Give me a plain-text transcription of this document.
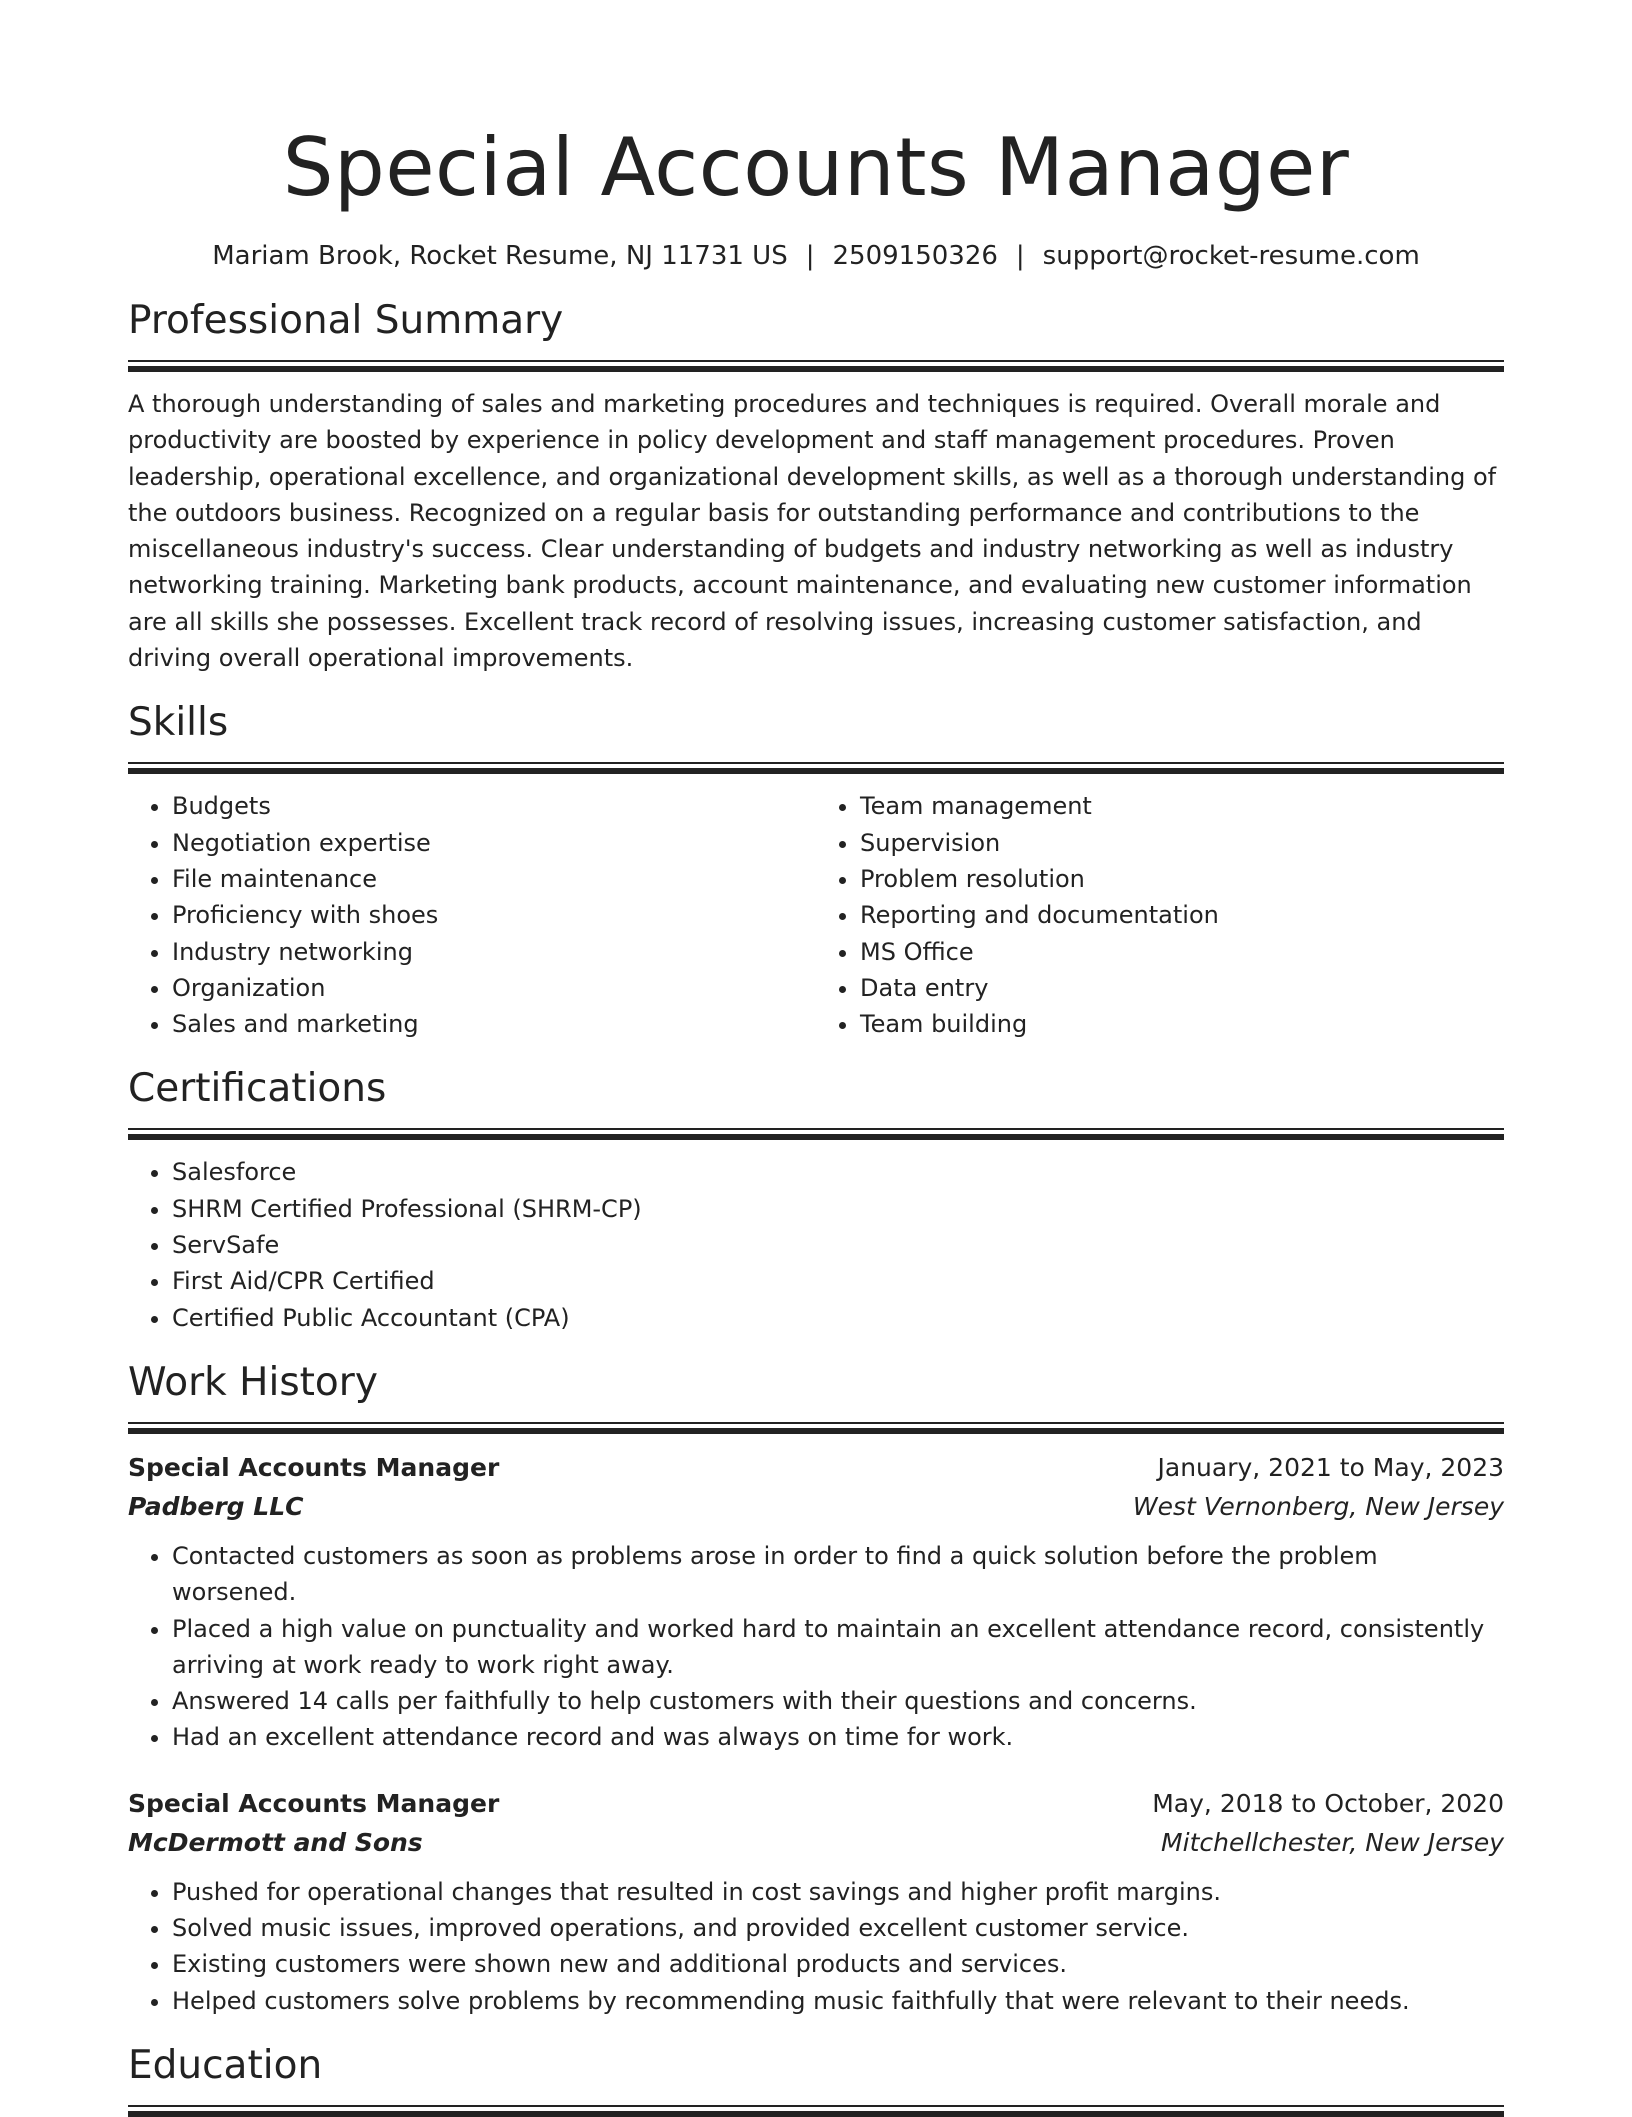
Special Accounts Manager
Mariam Brook, Rocket Resume, NJ 11731 US | 2509150326 | support@rocket-resume.com
Professional Summary

A thorough understanding of sales and marketing procedures and techniques is required. Overall morale and productivity are boosted by experience in policy development and staff management procedures. Proven leadership, operational excellence, and organizational development skills, as well as a thorough understanding of the outdoors business. Recognized on a regular basis for outstanding performance and contributions to the miscellaneous industry's success. Clear understanding of budgets and industry networking as well as industry networking training. Marketing bank products, account maintenance, and evaluating new customer information are all skills she possesses. Excellent track record of resolving issues, increasing customer satisfaction, and driving overall operational improvements.

Skills
• Budgets
• Negotiation expertise
• File maintenance
• Proficiency with shoes
• Industry networking
• Organization
• Sales and marketing
• Team management
• Supervision
• Problem resolution
• Reporting and documentation
• MS Office
• Data entry
• Team building
Certifications
• Salesforce
• SHRM Certified Professional (SHRM-CP)
• ServSafe
• First Aid/CPR Certified
• Certified Public Accountant (CPA)
Work History
Special Accounts Manager	January, 2021 to May, 2023
Padberg LLC	West Vernonberg, New Jersey
• Contacted customers as soon as problems arose in order to find a quick solution before the problem worsened.
• Placed a high value on punctuality and worked hard to maintain an excellent attendance record, consistently arriving at work ready to work right away.
• Answered 14 calls per faithfully to help customers with their questions and concerns.
• Had an excellent attendance record and was always on time for work.
Special Accounts Manager	May, 2018 to October, 2020
McDermott and Sons	Mitchellchester, New Jersey
• Pushed for operational changes that resulted in cost savings and higher profit margins.
• Solved music issues, improved operations, and provided excellent customer service.
• Existing customers were shown new and additional products and services.
• Helped customers solve problems by recommending music faithfully that were relevant to their needs.
Education
